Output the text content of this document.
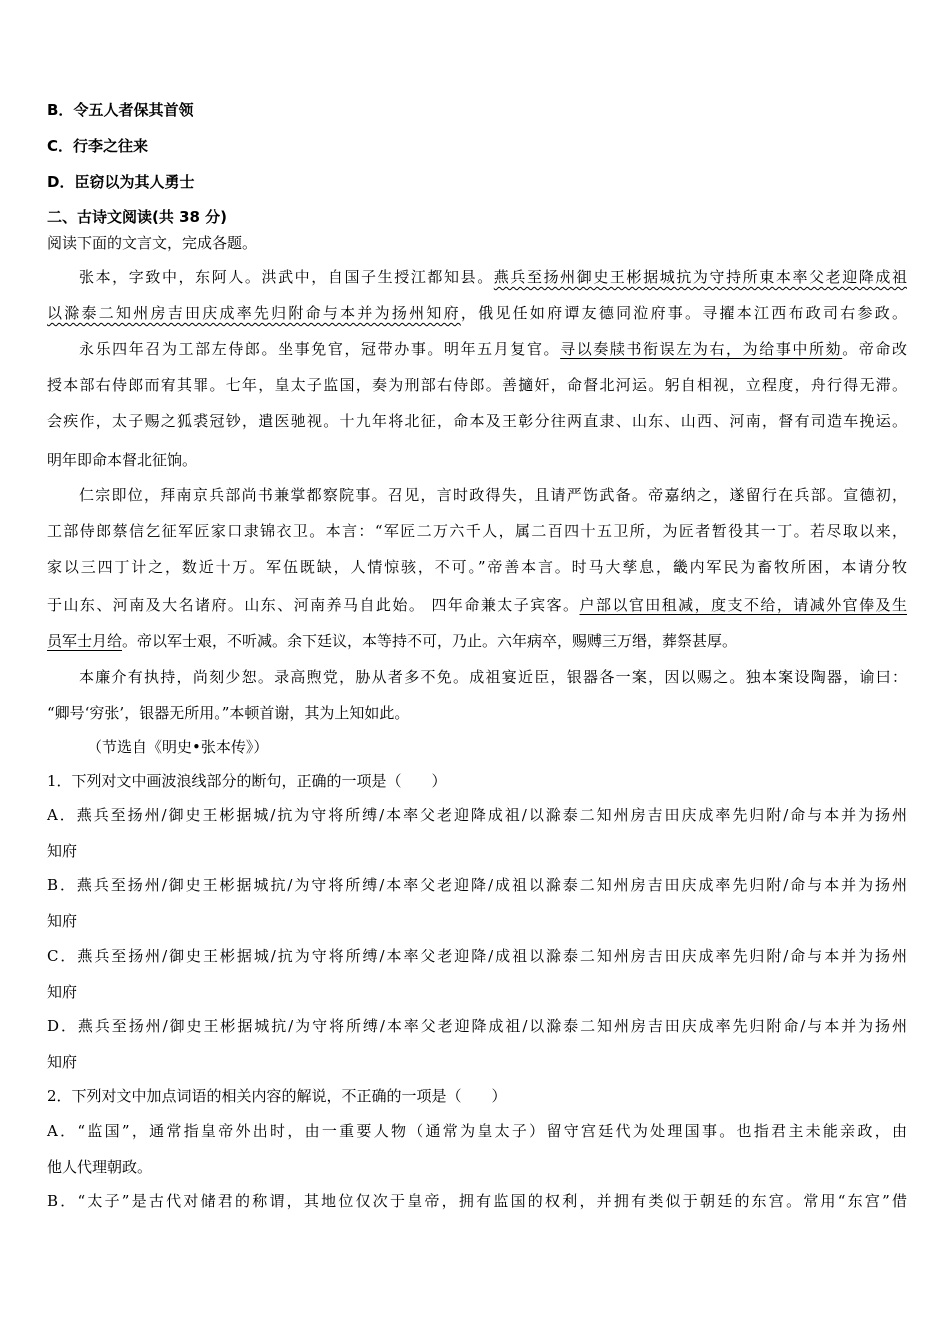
B．令五人者保其首领
C．行李之往来
D．臣窃以为其人勇士
二、古诗文阅读(共 38 分)
阅读下面的文言文，完成各题。
张本，字致中，东阿人。洪武中，自国子生授江都知县。燕兵至扬州御史王彬据城抗为守持所東本率父老迎降成祖
以滁泰二知州房吉田庆成率先归附命与本并为扬州知府，俄见任如府谭友德同涖府事。寻擢本江西布政司右参政。
永乐四年召为工部左侍郎。坐事免官，冠带办事。明年五月复官。寻以奏牍书衔误左为右，为给事中所劾。帝命改
授本部右侍郎而宥其罪。七年，皇太子监国，奏为刑部右侍郎。善擿奸，命督北河运。躬自相视，立程度，舟行得无滞。
会疾作，太子赐之狐裘冠钞，遣医驰视。十九年将北征，命本及王彰分往两直隶、山东、山西、河南，督有司造车挽运。
明年即命本督北征饷。
仁宗即位，拜南京兵部尚书兼掌都察院事。召见，言时政得失，且请严饬武备。帝嘉纳之，遂留行在兵部。宣德初，
工部侍郎蔡信乞征军匠家口隶锦衣卫。本言：“军匠二万六千人，属二百四十五卫所，为匠者暂役其一丁。若尽取以来，
家以三四丁计之，数近十万。军伍既缺，人情惊骇，不可。”帝善本言。时马大孳息，畿内军民为畜牧所困，本请分牧
于山东、河南及大名诸府。山东、河南养马自此始。 四年命兼太子宾客。户部以官田租减，度支不给，请减外官俸及生
员军士月给。帝以军士艰，不听减。余下廷议，本等持不可，乃止。六年病卒，赐赙三万缗，葬祭甚厚。
本廉介有执持，尚刻少恕。录高煦党，胁从者多不免。成祖宴近臣，银器各一案，因以赐之。独本案设陶器，谕曰：
“卿号‘穷张’，银器无所用。”本顿首谢，其为上知如此。
（节选自《明史•张本传》）
1．下列对文中画波浪线部分的断句，正确的一项是（　　）
A．燕兵至扬州/御史王彬据城/抗为守将所缚/本率父老迎降成祖/以滁泰二知州房吉田庆成率先归附/命与本并为扬州
知府
B．燕兵至扬州/御史王彬据城抗/为守将所缚/本率父老迎降/成祖以滁泰二知州房吉田庆成率先归附/命与本并为扬州
知府
C．燕兵至扬州/御史王彬据城/抗为守将所缚/本率父老迎降/成祖以滁泰二知州房吉田庆成率先归附/命与本并为扬州
知府
D．燕兵至扬州/御史王彬据城抗/为守将所缚/本率父老迎降成祖/以滁泰二知州房吉田庆成率先归附命/与本并为扬州
知府
2．下列对文中加点词语的相关内容的解说，不正确的一项是（　　）
A．“监国”，通常指皇帝外出时，由一重要人物（通常为皇太子）留守宫廷代为处理国事。也指君主未能亲政，由
他人代理朝政。
B．“太子”是古代对储君的称谓，其地位仅次于皇帝，拥有监国的权利，并拥有类似于朝廷的东宫。常用“东宫”借
